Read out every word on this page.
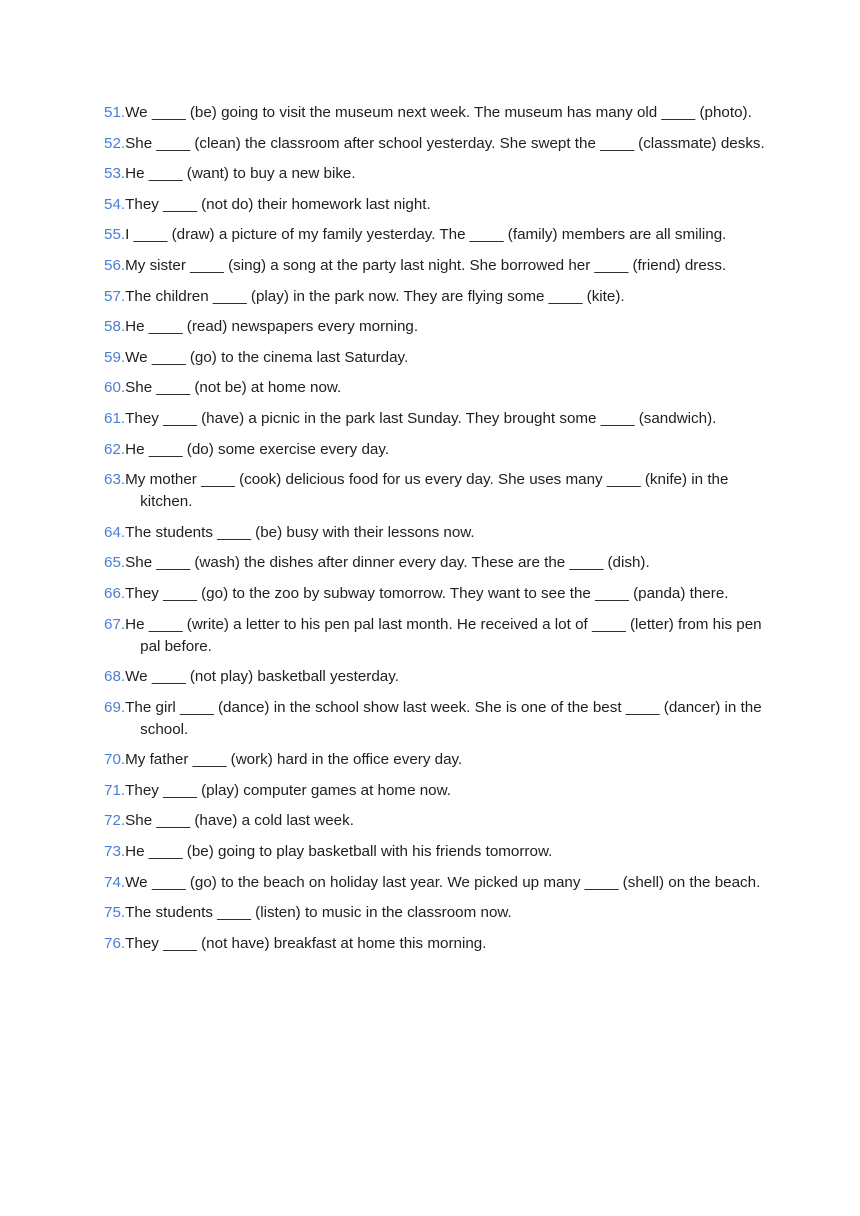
51. We ____ (be) going to visit the museum next week. The museum has many old ____ (photo).
52. She ____ (clean) the classroom after school yesterday. She swept the ____ (classmate) desks.
53. He ____ (want) to buy a new bike.
54. They ____ (not do) their homework last night.
55. I ____ (draw) a picture of my family yesterday. The ____ (family) members are all smiling.
56. My sister ____ (sing) a song at the party last night. She borrowed her ____ (friend) dress.
57. The children ____ (play) in the park now. They are flying some ____ (kite).
58. He ____ (read) newspapers every morning.
59. We ____ (go) to the cinema last Saturday.
60. She ____ (not be) at home now.
61. They ____ (have) a picnic in the park last Sunday. They brought some ____ (sandwich).
62. He ____ (do) some exercise every day.
63. My mother ____ (cook) delicious food for us every day. She uses many ____ (knife) in the kitchen.
64. The students ____ (be) busy with their lessons now.
65. She ____ (wash) the dishes after dinner every day. These are the ____ (dish).
66. They ____ (go) to the zoo by subway tomorrow. They want to see the ____ (panda) there.
67. He ____ (write) a letter to his pen pal last month. He received a lot of ____ (letter) from his pen pal before.
68. We ____ (not play) basketball yesterday.
69. The girl ____ (dance) in the school show last week. She is one of the best ____ (dancer) in the school.
70. My father ____ (work) hard in the office every day.
71. They ____ (play) computer games at home now.
72. She ____ (have) a cold last week.
73. He ____ (be) going to play basketball with his friends tomorrow.
74. We ____ (go) to the beach on holiday last year. We picked up many ____ (shell) on the beach.
75. The students ____ (listen) to music in the classroom now.
76. They ____ (not have) breakfast at home this morning.
